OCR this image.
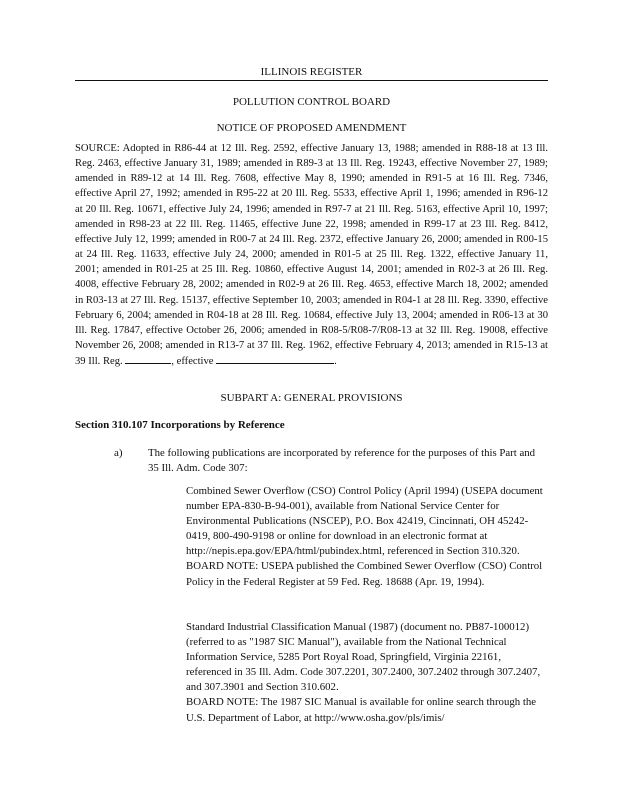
ILLINOIS REGISTER
POLLUTION CONTROL BOARD
NOTICE OF PROPOSED AMENDMENT
SOURCE: Adopted in R86-44 at 12 Ill. Reg. 2592, effective January 13, 1988; amended in R88-18 at 13 Ill. Reg. 2463, effective January 31, 1989; amended in R89-3 at 13 Ill. Reg. 19243, effective November 27, 1989; amended in R89-12 at 14 Ill. Reg. 7608, effective May 8, 1990; amended in R91-5 at 16 Ill. Reg. 7346, effective April 27, 1992; amended in R95-22 at 20 Ill. Reg. 5533, effective April 1, 1996; amended in R96-12 at 20 Ill. Reg. 10671, effective July 24, 1996; amended in R97-7 at 21 Ill. Reg. 5163, effective April 10, 1997; amended in R98-23 at 22 Ill. Reg. 11465, effective June 22, 1998; amended in R99-17 at 23 Ill. Reg. 8412, effective July 12, 1999; amended in R00-7 at 24 Ill. Reg. 2372, effective January 26, 2000; amended in R00-15 at 24 Ill. Reg. 11633, effective July 24, 2000; amended in R01-5 at 25 Ill. Reg. 1322, effective January 11, 2001; amended in R01-25 at 25 Ill. Reg. 10860, effective August 14, 2001; amended in R02-3 at 26 Ill. Reg. 4008, effective February 28, 2002; amended in R02-9 at 26 Ill. Reg. 4653, effective March 18, 2002; amended in R03-13 at 27 Ill. Reg. 15137, effective September 10, 2003; amended in R04-1 at 28 Ill. Reg. 3390, effective February 6, 2004; amended in R04-18 at 28 Ill. Reg. 10684, effective July 13, 2004; amended in R06-13 at 30 Ill. Reg. 17847, effective October 26, 2006; amended in R08-5/R08-7/R08-13 at 32 Ill. Reg. 19008, effective November 26, 2008; amended in R13-7 at 37 Ill. Reg. 1962, effective February 4, 2013; amended in R15-13 at 39 Ill. Reg.	, effective	.
SUBPART A: GENERAL PROVISIONS
Section 310.107 Incorporations by Reference
a) The following publications are incorporated by reference for the purposes of this Part and 35 Ill. Adm. Code 307:

Combined Sewer Overflow (CSO) Control Policy (April 1994) (USEPA document number EPA-830-B-94-001), available from National Service Center for Environmental Publications (NSCEP), P.O. Box 42419, Cincinnati, OH 45242-0419, 800-490-9198 or online for download in an electronic format at http://nepis.epa.gov/EPA/html/pubindex.html, referenced in Section 310.320.

BOARD NOTE: USEPA published the Combined Sewer Overflow (CSO) Control Policy in the Federal Register at 59 Fed. Reg. 18688 (Apr. 19, 1994).

Standard Industrial Classification Manual (1987) (document no. PB87-100012) (referred to as "1987 SIC Manual"), available from the National Technical Information Service, 5285 Port Royal Road, Springfield, Virginia 22161, referenced in 35 Ill. Adm. Code 307.2201, 307.2400, 307.2402 through 307.2407, and 307.3901 and Section 310.602.

BOARD NOTE: The 1987 SIC Manual is available for online search through the U.S. Department of Labor, at http://www.osha.gov/pls/imis/
